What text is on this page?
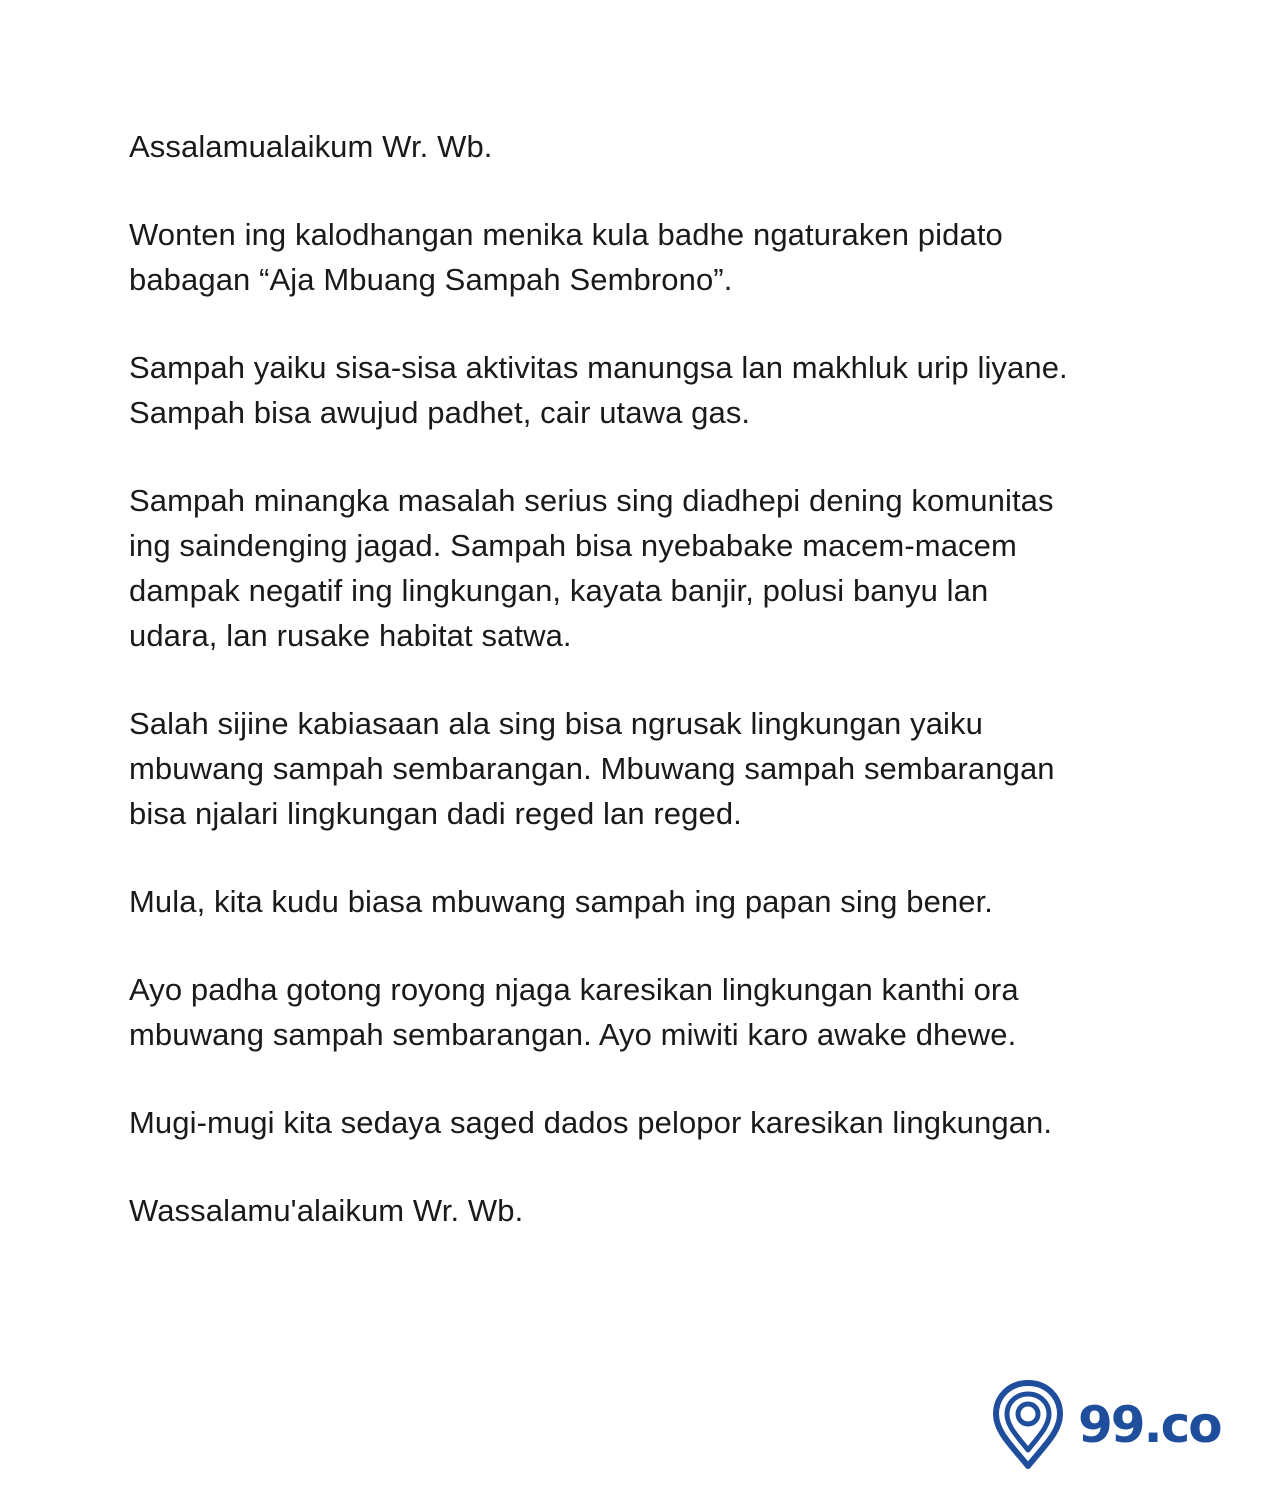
Assalamualaikum Wr. Wb.

Wonten ing kalodhangan menika kula badhe ngaturaken pidato
babagan “Aja Mbuang Sampah Sembrono”.

Sampah yaiku sisa-sisa aktivitas manungsa lan makhluk urip liyane.
Sampah bisa awujud padhet, cair utawa gas.

Sampah minangka masalah serius sing diadhepi dening komunitas
ing saindenging jagad. Sampah bisa nyebabake macem-macem
dampak negatif ing lingkungan, kayata banjir, polusi banyu lan
udara, lan rusake habitat satwa.

Salah sijine kabiasaan ala sing bisa ngrusak lingkungan yaiku
mbuwang sampah sembarangan. Mbuwang sampah sembarangan
bisa njalari lingkungan dadi reged lan reged.

Mula, kita kudu biasa mbuwang sampah ing papan sing bener.

Ayo padha gotong royong njaga karesikan lingkungan kanthi ora
mbuwang sampah sembarangan. Ayo miwiti karo awake dhewe.

Mugi-mugi kita sedaya saged dados pelopor karesikan lingkungan.

Wassalamu'alaikum Wr. Wb.

99.co
